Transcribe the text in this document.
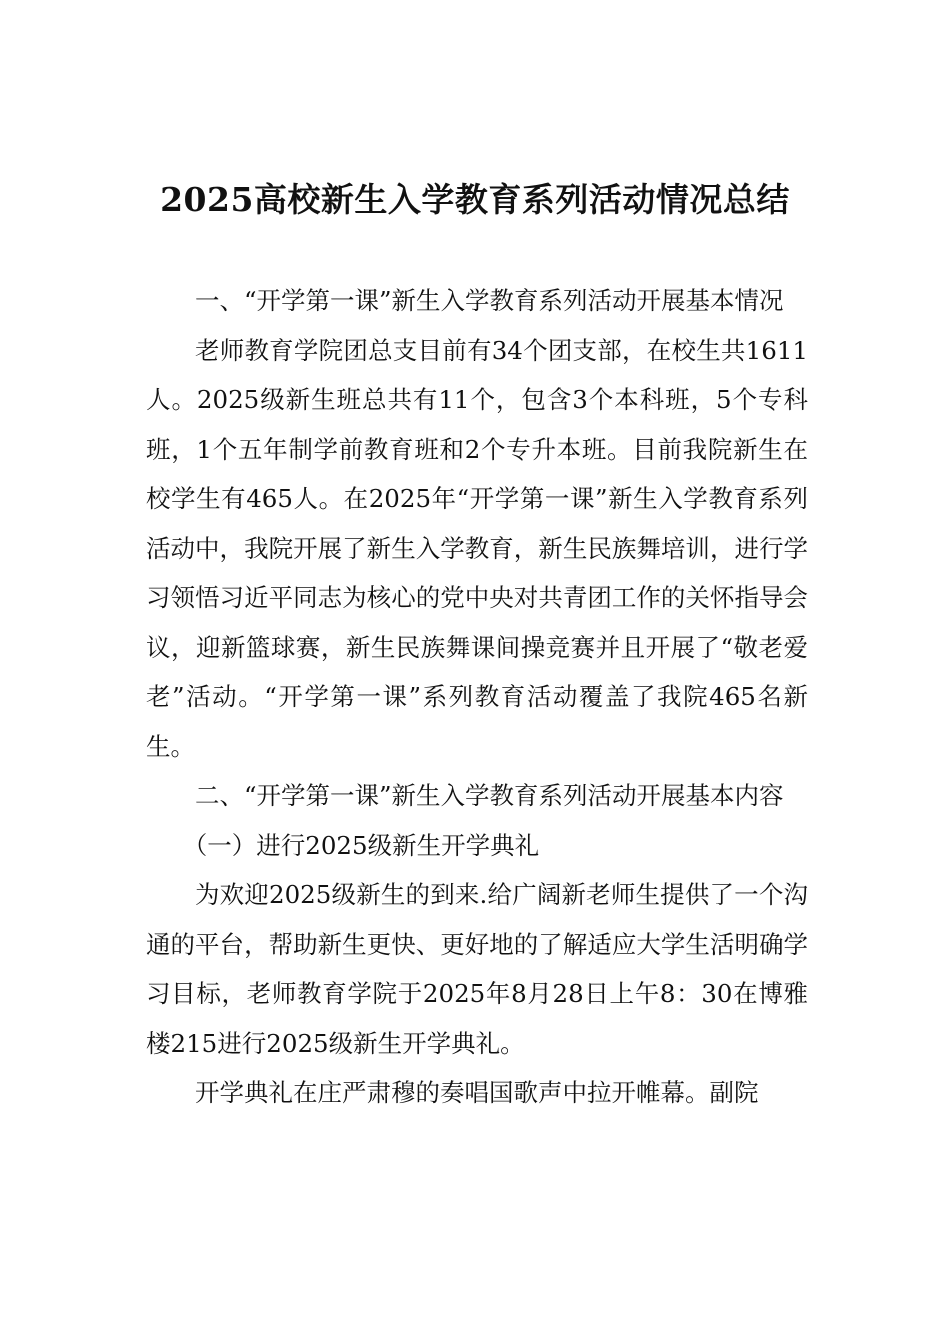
2025高校新生入学教育系列活动情况总结

一、“开学第一课”新生入学教育系列活动开展基本情况

老师教育学院团总支目前有34个团支部，在校生共1611人。2025级新生班总共有11个，包含3个本科班，5个专科班，1个五年制学前教育班和2个专升本班。目前我院新生在校学生有465人。在2025年“开学第一课”新生入学教育系列活动中，我院开展了新生入学教育，新生民族舞培训，进行学习领悟习近平同志为核心的党中央对共青团工作的关怀指导会议，迎新篮球赛，新生民族舞课间操竞赛并且开展了“敬老爱老”活动。“开学第一课”系列教育活动覆盖了我院465名新生。

二、“开学第一课”新生入学教育系列活动开展基本内容

（一）进行2025级新生开学典礼

为欢迎2025级新生的到来.给广阔新老师生提供了一个沟通的平台，帮助新生更快、更好地的了解适应大学生活明确学习目标，老师教育学院于2025年8月28日上午8：30在博雅楼215进行2025级新生开学典礼。

开学典礼在庄严肃穆的奏唱国歌声中拉开帷幕。副院
